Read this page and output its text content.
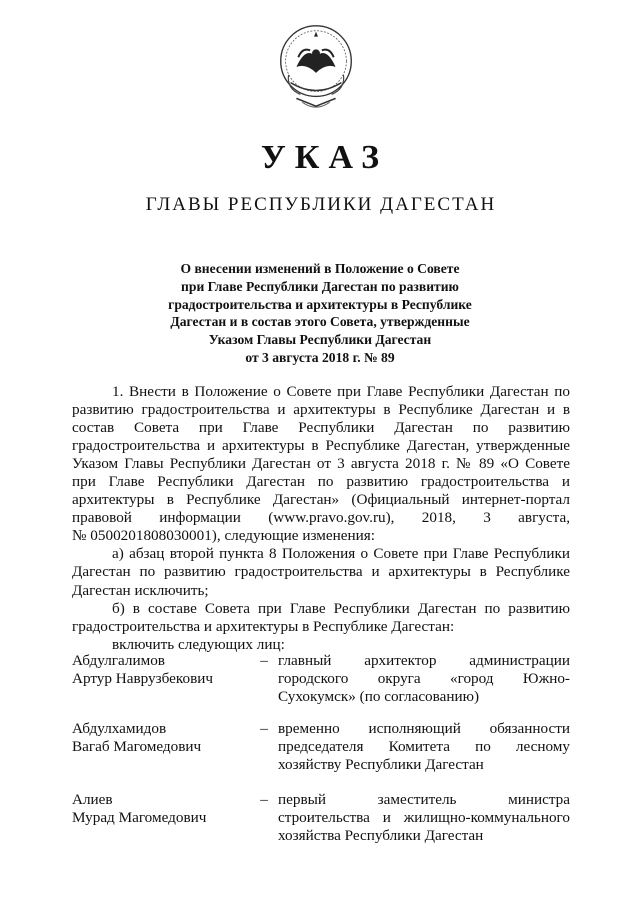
УКАЗ
ГЛАВЫ РЕСПУБЛИКИ ДАГЕСТАН
О внесении изменений в Положение о Совете
при Главе Республики Дагестан по развитию
градостроительства и архитектуры в Республике
Дагестан и в состав этого Совета, утвержденные
Указом Главы Республики Дагестан
от 3 августа 2018 г. № 89

1. Внести в Положение о Совете при Главе Республики Дагестан по

развитию градостроительства и архитектуры в Республике Дагестан и в

состав Совета при Главе Республики Дагестан по развитию

градостроительства и архитектуры в Республике Дагестан, утвержденные

Указом Главы Республики Дагестан от 3 августа 2018 г. № 89 «О Совете

при Главе Республики Дагестан по развитию градостроительства и

архитектуры в Республике Дагестан» (Официальный интернет-портал

правовой информации (www.pravo.gov.ru), 2018, 3 августа,

№ 0500201808030001), следующие изменения:

а) абзац второй пункта 8 Положения о Совете при Главе Республики

Дагестан по развитию градостроительства и архитектуры в Республике

Дагестан исключить;

б) в составе Совета при Главе Республики Дагестан по развитию

градостроительства и архитектуры в Республике Дагестан:

включить следующих лиц:

Абдулгалимов
Артур Наврузбекович
– главный архитектор администрации
городского округа «город Южно-
Сухокумск» (по согласованию)
Абдулхамидов
Вагаб Магомедович
– временно исполняющий обязанности
председателя Комитета по лесному
хозяйству Республики Дагестан
Алиев
Мурад Магомедович
– первый заместитель министра
строительства и жилищно-коммунального
хозяйства Республики Дагестан
